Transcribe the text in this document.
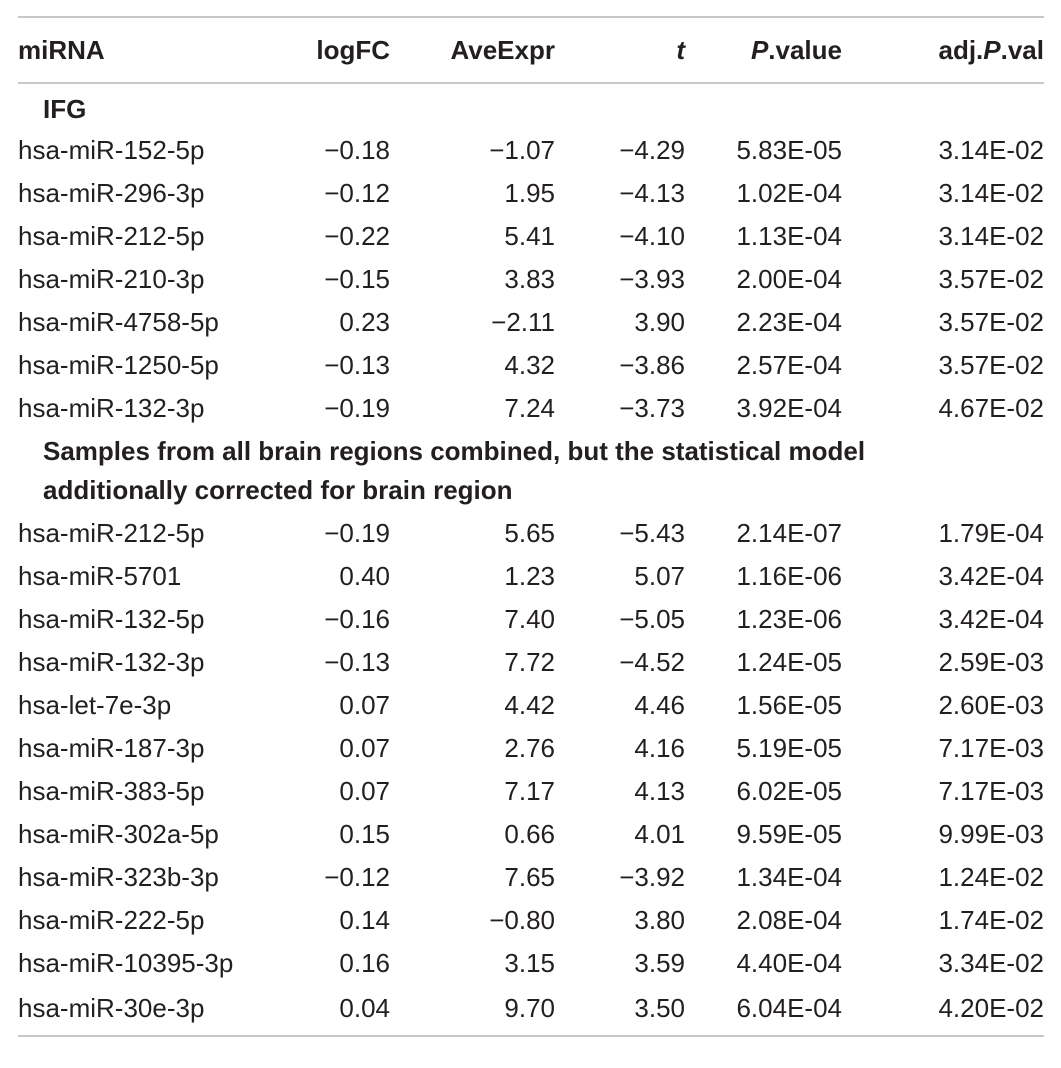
miRNA	logFC	AveExpr	t	P.value	adj.P.val
IFG					
hsa-miR-152-5p	−0.18	−1.07	−4.29	5.83E-05	3.14E-02
hsa-miR-296-3p	−0.12	1.95	−4.13	1.02E-04	3.14E-02
hsa-miR-212-5p	−0.22	5.41	−4.10	1.13E-04	3.14E-02
hsa-miR-210-3p	−0.15	3.83	−3.93	2.00E-04	3.57E-02
hsa-miR-4758-5p	0.23	−2.11	3.90	2.23E-04	3.57E-02
hsa-miR-1250-5p	−0.13	4.32	−3.86	2.57E-04	3.57E-02
hsa-miR-132-3p	−0.19	7.24	−3.73	3.92E-04	4.67E-02
Samples from all brain regions combined, but the statistical model
additionally corrected for brain region					
hsa-miR-212-5p	−0.19	5.65	−5.43	2.14E-07	1.79E-04
hsa-miR-5701	0.40	1.23	5.07	1.16E-06	3.42E-04
hsa-miR-132-5p	−0.16	7.40	−5.05	1.23E-06	3.42E-04
hsa-miR-132-3p	−0.13	7.72	−4.52	1.24E-05	2.59E-03
hsa-let-7e-3p	0.07	4.42	4.46	1.56E-05	2.60E-03
hsa-miR-187-3p	0.07	2.76	4.16	5.19E-05	7.17E-03
hsa-miR-383-5p	0.07	7.17	4.13	6.02E-05	7.17E-03
hsa-miR-302a-5p	0.15	0.66	4.01	9.59E-05	9.99E-03
hsa-miR-323b-3p	−0.12	7.65	−3.92	1.34E-04	1.24E-02
hsa-miR-222-5p	0.14	−0.80	3.80	2.08E-04	1.74E-02
hsa-miR-10395-3p	0.16	3.15	3.59	4.40E-04	3.34E-02
hsa-miR-30e-3p	0.04	9.70	3.50	6.04E-04	4.20E-02
